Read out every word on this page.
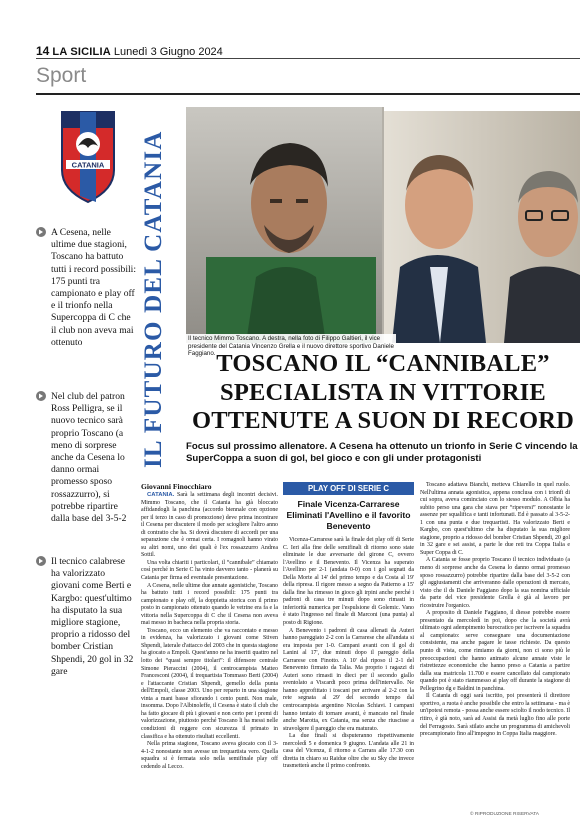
14 LA SICILIA Lunedì 3 Giugno 2024
Sport
CATANIA
A Cesena, nelle ultime due stagioni, Toscano ha battuto tutti i record possibili: 175 punti tra campionato e play off e il trionfo nella Supercoppa di C che il club non aveva mai ottenuto
Nel club del patron Ross Pelligra, se il nuovo tecnico sarà proprio Toscano (a meno di sorprese anche da Cesena lo danno ormai promesso sposo rossazzurro), si potrebbe ripartire dalla base del 3-5-2
Il tecnico calabrese ha valorizzato giovani come Berti e Kargbo: quest'ultimo ha disputato la sua migliore stagione, proprio a ridosso del bomber Cristian Shpendi, 20 gol in 32 gare
IL FUTURO DEL CATANIA	Il tecnico Mimmo Toscano. A destra, nella foto di Filippo Galtieri, il vice presidente del Catania Vincenzo Grella e il nuovo direttore sportivo Daniele Faggiano. TOSCANO IL “CANNIBALE”
SPECIALISTA IN VITTORIE
OTTENUTE A SUON DI RECORD
Focus sul prossimo allenatore. A Cesena ha ottenuto un trionfo in Serie C vincendo la SuperCoppa a suon di gol, bel gioco e con gli under protagonisti
Giovanni Finocchiaro

CATANIA. Sarà la settimana degli incontri decisivi. Mimmo Toscano, che il Catania ha già bloccato affidandogli la panchina (accordo biennale con opzione per il terzo in caso di promozione) deve prima incontrare il Cesena per discutere il modo per sciogliere l'altro anno di contratto che ha. Si dovrà discutere di accordi per una separazione che è ormai certa. I romagnoli hanno virato su altri nomi, uno dei quali è l'ex rossazzurro Andrea Sottil.

Una volta chiariti i particolari, il “cannibale” chiamato così perché in Serie C ha vinto davvero tanto - planerà su Catania per firma ed eventuale presentazione.

A Cesena, nelle ultime due annate agonistiche, Toscano ha battuto tutti i record possibili: 175 punti tra campionato e play off, la doppietta storica con il primo posto in campionato ottenuto quando le vetrine era fa e la vittoria nella Supercoppa di C che il Cesena non aveva mai messo in bacheca nella propria storia.

Toscano, ecco un elemento che va raccontato e messo in evidenza, ha valorizzato i giovani come Stiven Shpendi, laterale d'attacco del 2003 che in questa stagione ha giocato a Empoli. Quest'anno ne ha inseriti quattro nel lotto dei “quasi sempre titolari”: il difensore centrale Simone Pieraccini (2004), il centrocampista Matteo Francesconi (2004), il trequartista Tommaso Berti (2004) e l'attaccante Cristian Shpendi, gemello della punta dell'Empoli, classe 2003. Uno per reparto in una stagione vinta a mani basse sfiorando i cento punti. Non male, insomma. Dopo l'Albinoleffe, il Cesena è stato il club che ha fatto giocare di più i giovani e non certo per i premi di valorizzazione, piuttosto perché Toscano li ha messi nelle condizioni di reggere con sicurezza il primato in classifica e ha ottenuto risultati eccellenti.

Nella prima stagione, Toscano aveva giocato con il 3-4-1-2 nonostante non avesse un trequartista vero. Quella squadra si è fermata solo nella semifinale play off cedendo al Lecco.

PLAY OFF DI SERIE C
Finale Vicenza-Carrarese Eliminati l'Avellino e il favorito Benevento

Vicenza-Carrarese sarà la finale dei play off di Serie C. Ieri alla fine delle semifinali di ritorno sono state eliminate le due avversarie del girone C, ovvero l'Avellino e il Benevento. Il Vicenza ha superato l'Avellino per 2-1 (andata 0-0) con i gol segnati da Della Morte al 14' del primo tempo e da Costa al 19' della ripresa. Il rigore messo a segno da Patierno a 15' dalla fine ha rimesso in gioco gli irpini anche perché i padroni di casa tre minuti dopo sono rimasti in inferiorità numerica per l'espulsione di Golemic. Vano è stato l'ingresso nel finale di Marconi (una punta) al posto di Rigione.

A Benevento i padroni di casa allenati da Auteri hanno pareggiato 2-2 con la Carrarese che all'andata si era imposta per 1-0. Campani avanti con il gol di Lanini al 17', due minuti dopo il pareggio della Carrarese con Finotto. A 10' dal riposo il 2-1 del Benevento firmato da Talia. Ma proprio i ragazzi di Auteri sono rimasti in dieci per il secondo giallo sventolato a Viscardi poco prima dell'intervallo. Ne hanno approfittato i toscani per arrivare al 2-2 con la rete segnata al 29' del secondo tempo dal centrocampista argentino Nicolas Schiavi. I campani hanno tentato di tornare avanti, è mancato nel finale anche Marotta, ex Catania, ma senza che riuscisse a stravolgere il pareggio che era maturato.

La due finali si disputeranno rispettivamente mercoledì 5 e domenica 9 giugno. L'andata alle 21 in casa del Vicenza, il ritorno a Carrara alle 17.30 con diretta in chiaro su Raidue oltre che su Sky che invece trasmetterà anche il primo confronto.

Toscano adattava Bianchi, metteva Chiarello in quel ruolo. Nell'ultima annata agonistica, appena conclusa con i trionfi di cui sopra, aveva cominciato con lo stesso modulo. A Olbia ha subito perso una gara che stava per “ripeversi” nonostante le assenze per squalifica e tanti infortunati. Ed è passato al 3-5-2-1 con una punta e due trequartisti. Ha valorizzato Berti e Kargbo, con quest'ultimo che ha disputato la sua migliore stagione, proprio a ridosso del bomber Cristian Shpendi, 20 gol in 32 gare e sei assist, a parte le due reti tra Coppa Italia e Super Coppa di C.

A Catania se fosse proprio Toscano il tecnico individuato (a meno di sorprese anche da Cesena lo danno ormai promesso sposo rossazzurro) potrebbe ripartire dalla base del 3-5-2 con gli aggiustamenti che arriveranno dalle operazioni di mercato, visto che il ds Daniele Faggiano dopo la sua nomina ufficiale da parte del vice presidente Grella è già al lavoro per ricostruire l'organico.

A proposito di Daniele Faggiano, il diesse potrebbe essere presentato da mercoledì in poi, dopo che la società avrà ultimato ogni adempimento burocratico per iscrivere la squadra al campionato: serve consegnare una documentazione consistente, ma anche pagare le tasse richieste. Da questo punto di vista, come rimiamo da giorni, non ci sono più le preoccupazioni che hanno animato alcune annate viste le ristrettezze economiche che hanno preso a Catania a partire dalla sua matricola 11.700 e essere cancellato dal campionato quando poi è stato riammesso ai play off durante la stagione di Pellegrino dg e Baldini in panchina.

Il Catania di oggi sarà iscritto, poi presenterà il direttore sportivo, a ruota è anche possibile che entro la settimana - ma è un'ipotesi remota - possa anche essere sciolto il nodo tecnico. Il ritiro, è già noto, sarà ad Assisi da metà luglio fino alle porte del Ferragosto. Sarà stilato anche un programma di amichevoli precampionato fino all'impegno in Coppa Italia maggiore.

© RIPRODUZIONE RISERVATA
